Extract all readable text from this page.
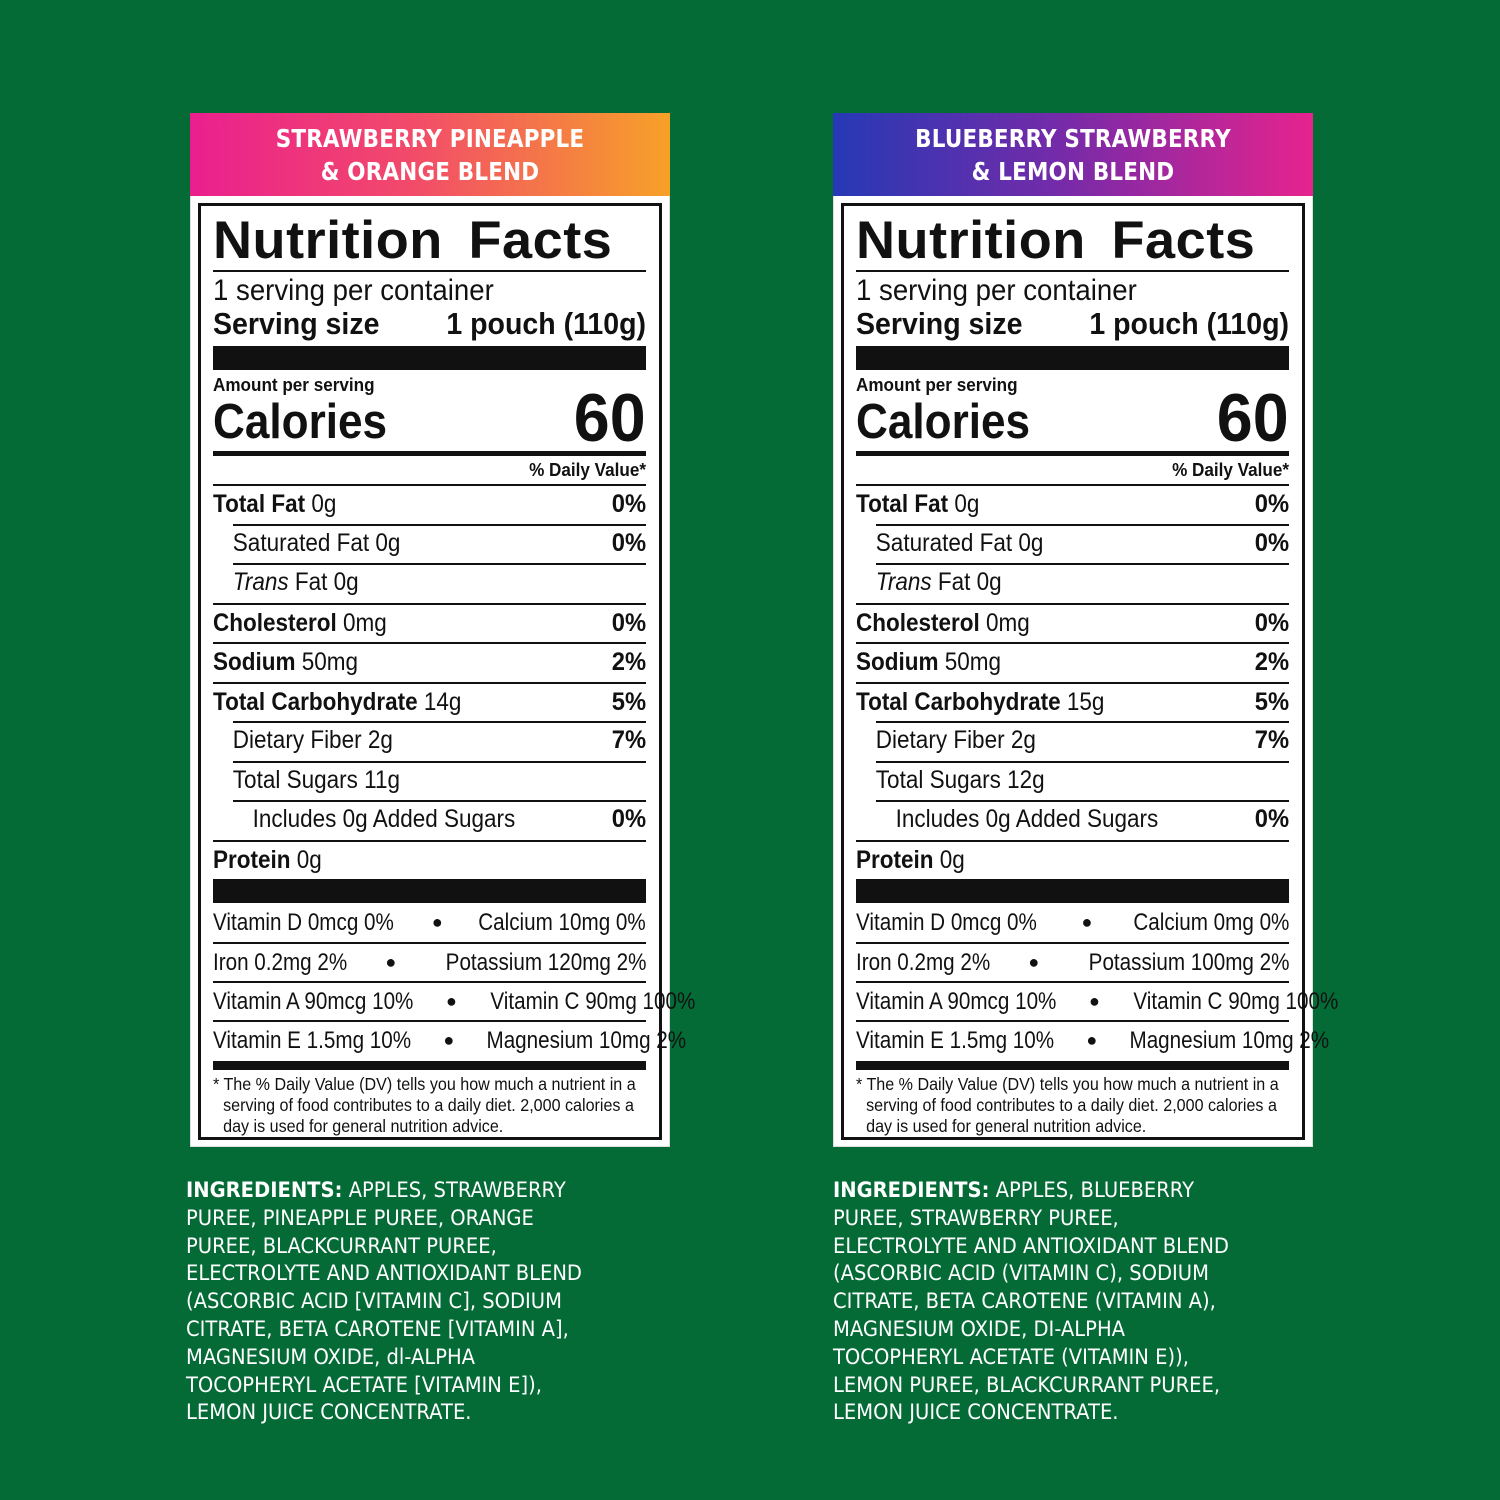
STRAWBERRY PINEAPPLE
& ORANGE BLEND
Nutrition Facts
1 serving per container
Serving size 1 pouch (110g)
Amount per serving
Calories	60
% Daily Value*
Total Fat 0g	0%
Saturated Fat 0g	0%
Trans Fat 0g
Cholesterol 0mg	0%
Sodium 50mg	2%
Total Carbohydrate 14g	5%
Dietary Fiber 2g	7%
Total Sugars 11g
Includes 0g Added Sugars	0%
Protein 0g
Vitamin D 0mcg 0% ● Calcium 10mg 0%
Iron 0.2mg 2% ● Potassium 120mg 2%
Vitamin A 90mcg 10% ● Vitamin C 90mg 100%
Vitamin E 1.5mg 10% ● Magnesium 10mg 2%
* The % Daily Value (DV) tells you how much a nutrient in a serving of food contributes to a daily diet. 2,000 calories a day is used for general nutrition advice.
INGREDIENTS: APPLES, STRAWBERRY
PUREE, PINEAPPLE PUREE, ORANGE
PUREE, BLACKCURRANT PUREE,
ELECTROLYTE AND ANTIOXIDANT BLEND
(ASCORBIC ACID [VITAMIN C], SODIUM
CITRATE, BETA CAROTENE [VITAMIN A],
MAGNESIUM OXIDE, dl-ALPHA
TOCOPHERYL ACETATE [VITAMIN E]),
LEMON JUICE CONCENTRATE.
BLUEBERRY STRAWBERRY
& LEMON BLEND
Nutrition Facts
1 serving per container
Serving size 1 pouch (110g)
Amount per serving
Calories	60
% Daily Value*
Total Fat 0g	0%
Saturated Fat 0g	0%
Trans Fat 0g
Cholesterol 0mg	0%
Sodium 50mg	2%
Total Carbohydrate 15g	5%
Dietary Fiber 2g	7%
Total Sugars 12g
Includes 0g Added Sugars	0%
Protein 0g
Vitamin D 0mcg 0% ● Calcium 0mg 0%
Iron 0.2mg 2% ● Potassium 100mg 2%
Vitamin A 90mcg 10% ● Vitamin C 90mg 100%
Vitamin E 1.5mg 10% ● Magnesium 10mg 2%
* The % Daily Value (DV) tells you how much a nutrient in a serving of food contributes to a daily diet. 2,000 calories a day is used for general nutrition advice.
INGREDIENTS: APPLES, BLUEBERRY
PUREE, STRAWBERRY PUREE,
ELECTROLYTE AND ANTIOXIDANT BLEND
(ASCORBIC ACID (VITAMIN C), SODIUM
CITRATE, BETA CAROTENE (VITAMIN A),
MAGNESIUM OXIDE, DI-ALPHA
TOCOPHERYL ACETATE (VITAMIN E)),
LEMON PUREE, BLACKCURRANT PUREE,
LEMON JUICE CONCENTRATE.
